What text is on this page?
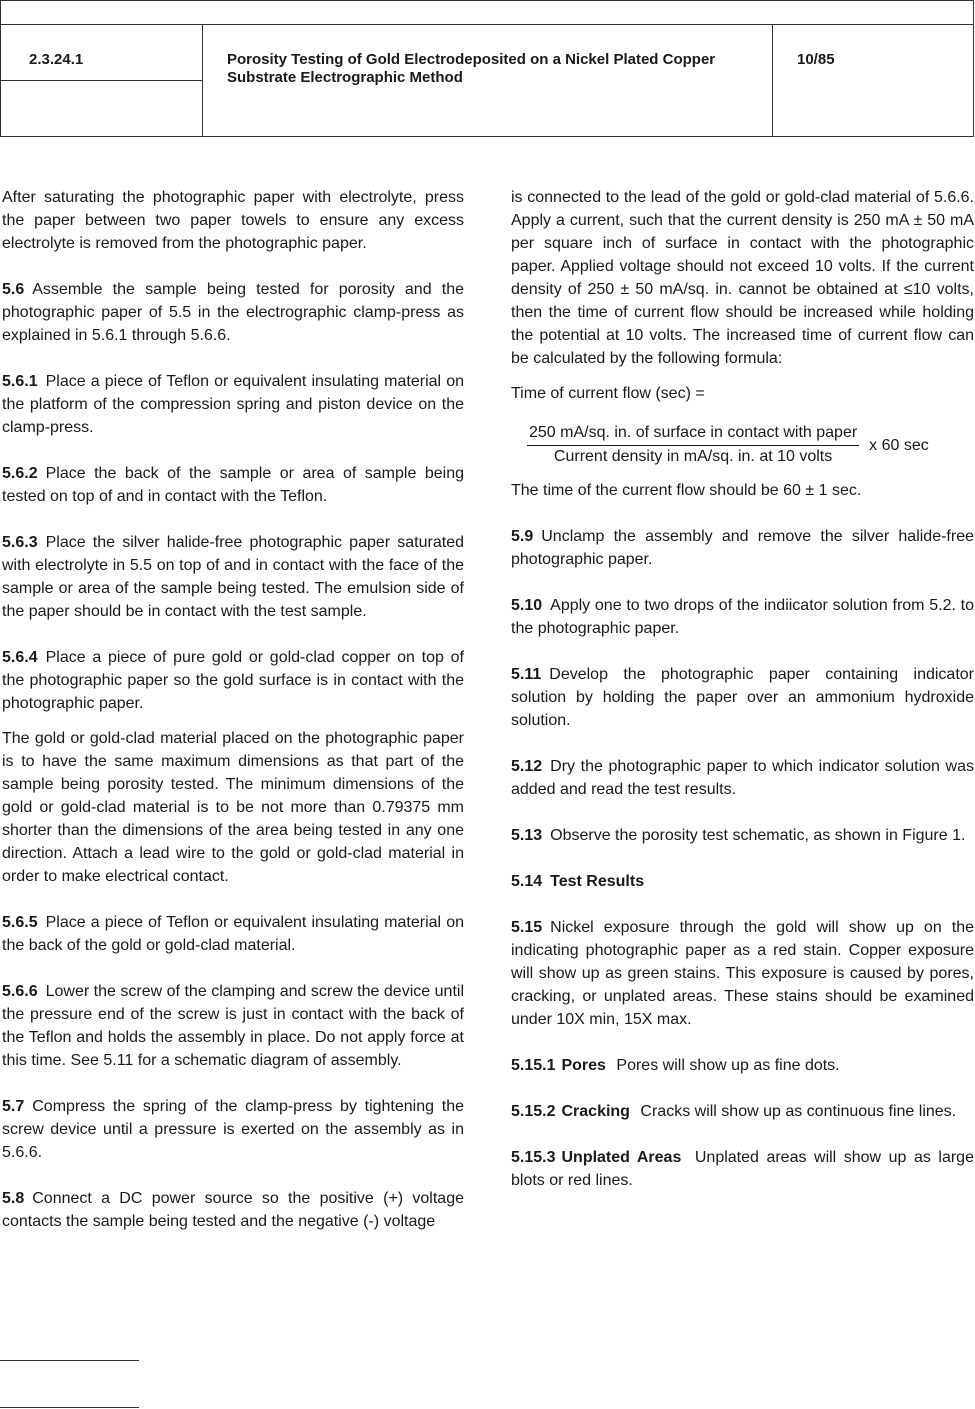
2.3.24.1	Porosity Testing of Gold Electrodeposited on a Nickel Plated Copper
Substrate Electrographic Method
10/85

After saturating the photographic paper with electrolyte, press the paper between two paper towels to ensure any excess electrolyte is removed from the photographic paper.

5.6 Assemble the sample being tested for porosity and the photographic paper of 5.5 in the electrographic clamp-press as explained in 5.6.1 through 5.6.6.

5.6.1 Place a piece of Teflon or equivalent insulating material on the platform of the compression spring and piston device on the clamp-press.

5.6.2 Place the back of the sample or area of sample being tested on top of and in contact with the Teflon.

5.6.3 Place the silver halide-free photographic paper saturated with electrolyte in 5.5 on top of and in contact with the face of the sample or area of the sample being tested. The emulsion side of the paper should be in contact with the test sample.

5.6.4 Place a piece of pure gold or gold-clad copper on top of the photographic paper so the gold surface is in contact with the photographic paper.

The gold or gold-clad material placed on the photographic paper is to have the same maximum dimensions as that part of the sample being porosity tested. The minimum dimensions of the gold or gold-clad material is to be not more than 0.79375 mm shorter than the dimensions of the area being tested in any one direction. Attach a lead wire to the gold or gold-clad material in order to make electrical contact.

5.6.5 Place a piece of Teflon or equivalent insulating material on the back of the gold or gold-clad material.

5.6.6 Lower the screw of the clamping and screw the device until the pressure end of the screw is just in contact with the back of the Teflon and holds the assembly in place. Do not apply force at this time. See 5.11 for a schematic diagram of assembly.

5.7 Compress the spring of the clamp-press by tightening the screw device until a pressure is exerted on the assembly as in 5.6.6.

5.8 Connect a DC power source so the positive (+) voltage contacts the sample being tested and the negative (-) voltage

is connected to the lead of the gold or gold-clad material of 5.6.6. Apply a current, such that the current density is 250 mA ± 50 mA per square inch of surface in contact with the photographic paper. Applied voltage should not exceed 10 volts. If the current density of 250 ± 50 mA/sq. in. cannot be obtained at ≤10 volts, then the time of current flow should be increased while holding the potential at 10 volts. The increased time of current flow can be calculated by the following formula:

Time of current flow (sec) =

$\frac{\text{250 mA/sq. in. of surface in contact with paper}}{\text{Current density in mA/sq. in. at 10 volts}}$ x 60 sec

The time of the current flow should be 60 ± 1 sec.

5.9 Unclamp the assembly and remove the silver halide-free photographic paper.

5.10 Apply one to two drops of the indiicator solution from 5.2. to the photographic paper.

5.11 Develop the photographic paper containing indicator solution by holding the paper over an ammonium hydroxide solution.

5.12 Dry the photographic paper to which indicator solution was added and read the test results.

5.13 Observe the porosity test schematic, as shown in Figure 1.

5.14 Test Results

5.15 Nickel exposure through the gold will show up on the indicating photographic paper as a red stain. Copper exposure will show up as green stains. This exposure is caused by pores, cracking, or unplated areas. These stains should be examined under 10X min, 15X max.

5.15.1 Pores Pores will show up as fine dots.

5.15.2 Cracking Cracks will show up as continuous fine lines.

5.15.3 Unplated Areas Unplated areas will show up as large blots or red lines.
